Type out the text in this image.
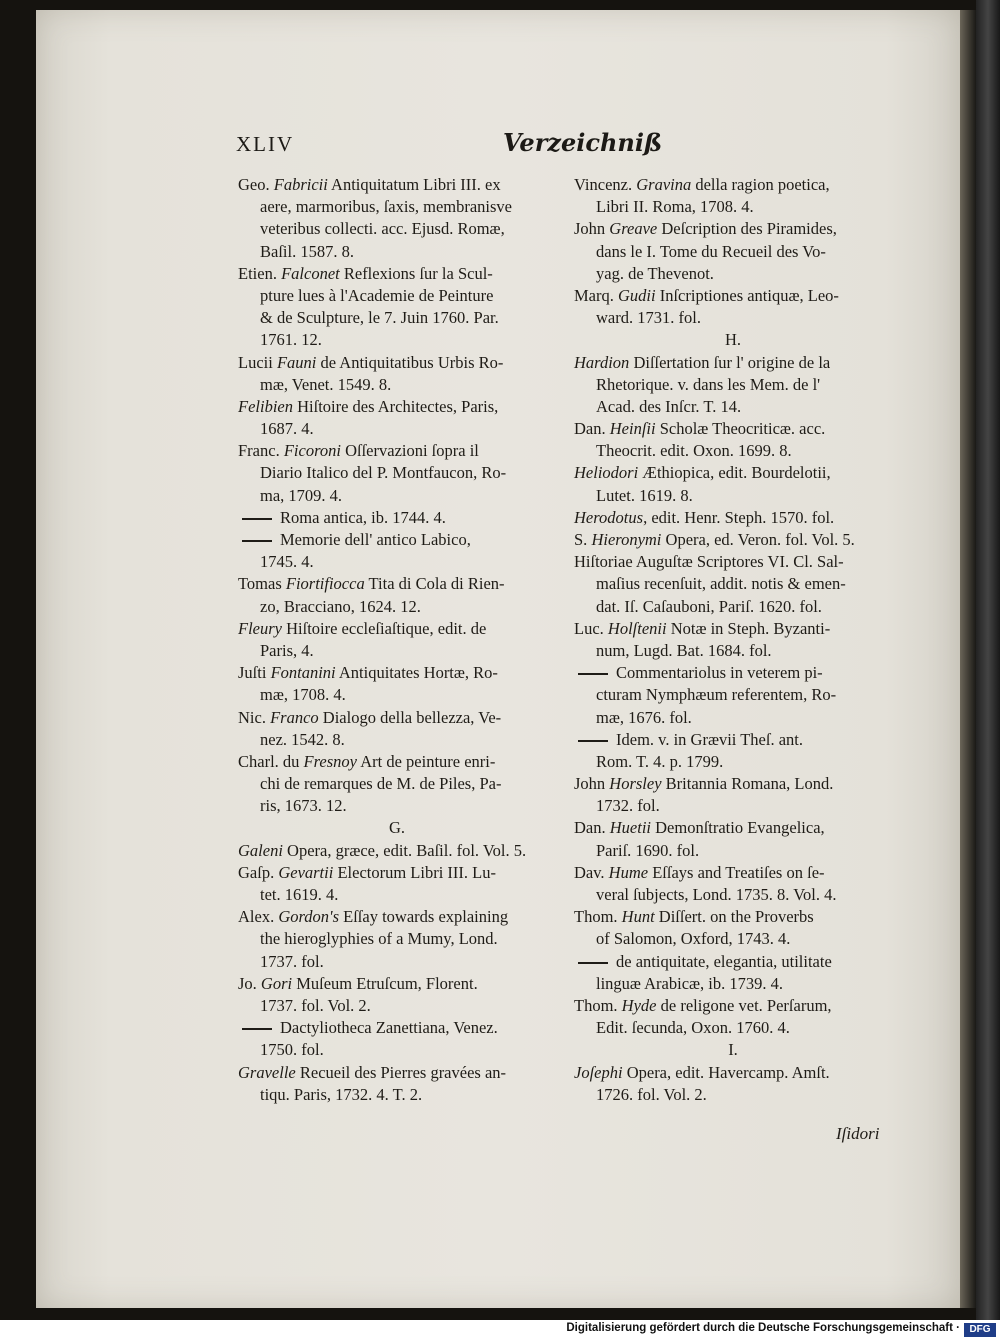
XLIV	Verzeichniß
Geo. Fabricii Antiquitatum Libri III. ex
aere, marmoribus, ſaxis, membranisve
veteribus collecti. acc. Ejusd. Romæ,
Baſil. 1587. 8.
Etien. Falconet Reflexions ſur la Scul-
pture lues à l'Academie de Peinture
& de Sculpture, le 7. Juin 1760. Par.
1761. 12.
Lucii Fauni de Antiquitatibus Urbis Ro-
mæ, Venet. 1549. 8.
Felibien Hiſtoire des Architectes, Paris,
1687. 4.
Franc. Ficoroni Oſſervazioni ſopra il
Diario Italico del P. Montfaucon, Ro-
ma, 1709. 4.
Roma antica, ib. 1744. 4.
Memorie dell' antico Labico,
1745. 4.
Tomas Fiortifiocca Tita di Cola di Rien-
zo, Bracciano, 1624. 12.
Fleury Hiſtoire eccleſiaſtique, edit. de
Paris, 4.
Juſti Fontanini Antiquitates Hortæ, Ro-
mæ, 1708. 4.
Nic. Franco Dialogo della bellezza, Ve-
nez. 1542. 8.
Charl. du Fresnoy Art de peinture enri-
chi de remarques de M. de Piles, Pa-
ris, 1673. 12.
G.
Galeni Opera, græce, edit. Baſil. fol. Vol. 5.
Gaſp. Gevartii Electorum Libri III. Lu-
tet. 1619. 4.
Alex. Gordon's Eſſay towards explaining
the hieroglyphies of a Mumy, Lond.
1737. fol.
Jo. Gori Muſeum Etruſcum, Florent.
1737. fol. Vol. 2.
Dactyliotheca Zanettiana, Venez.
1750. fol.
Gravelle Recueil des Pierres gravées an-
tiqu. Paris, 1732. 4. T. 2.
Vincenz. Gravina della ragion poetica,
Libri II. Roma, 1708. 4.
John Greave Deſcription des Piramides,
dans le I. Tome du Recueil des Vo-
yag. de Thevenot.
Marq. Gudii Inſcriptiones antiquæ, Leo-
ward. 1731. fol.
H.
Hardion Diſſertation ſur l' origine de la
Rhetorique. v. dans les Mem. de l'
Acad. des Inſcr. T. 14.
Dan. Heinſii Scholæ Theocriticæ. acc.
Theocrit. edit. Oxon. 1699. 8.
Heliodori Æthiopica, edit. Bourdelotii,
Lutet. 1619. 8.
Herodotus, edit. Henr. Steph. 1570. fol.
S. Hieronymi Opera, ed. Veron. fol. Vol. 5.
Hiſtoriae Auguſtæ Scriptores VI. Cl. Sal-
maſius recenſuit, addit. notis & emen-
dat. Iſ. Caſauboni, Pariſ. 1620. fol.
Luc. Holſtenii Notæ in Steph. Byzanti-
num, Lugd. Bat. 1684. fol.
Commentariolus in veterem pi-
cturam Nymphæum referentem, Ro-
mæ, 1676. fol.
Idem. v. in Grævii Theſ. ant.
Rom. T. 4. p. 1799.
John Horsley Britannia Romana, Lond.
1732. fol.
Dan. Huetii Demonſtratio Evangelica,
Pariſ. 1690. fol.
Dav. Hume Eſſays and Treatiſes on ſe-
veral ſubjects, Lond. 1735. 8. Vol. 4.
Thom. Hunt Diſſert. on the Proverbs
of Salomon, Oxford, 1743. 4.
de antiquitate, elegantia, utilitate
linguæ Arabicæ, ib. 1739. 4.
Thom. Hyde de religone vet. Perſarum,
Edit. ſecunda, Oxon. 1760. 4.
I.
Joſephi Opera, edit. Havercamp. Amſt.
1726. fol. Vol. 2.
Iſidori
Digitalisierung gefördert durch die Deutsche Forschungsgemeinschaft · DFG
